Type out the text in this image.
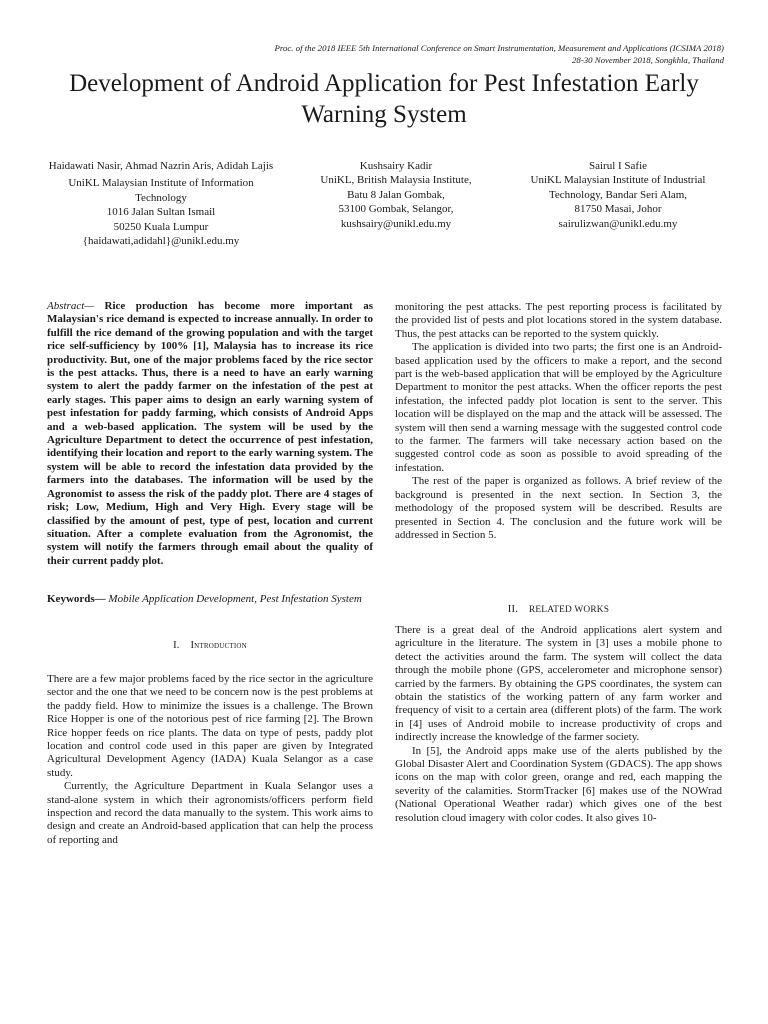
Proc. of the 2018 IEEE 5th International Conference on Smart Instrumentation, Measurement and Applications (ICSIMA 2018)
28-30 November 2018, Songkhla, Thailand
Development of Android Application for Pest Infestation Early Warning System
Haidawati Nasir, Ahmad Nazrin Aris, Adidah Lajis
UniKL Malaysian Institute of Information Technology
1016 Jalan Sultan Ismail
50250 Kuala Lumpur
{haidawati,adidahl}@unikl.edu.my
Kushsairy Kadir
UniKL, British Malaysia Institute,
Batu 8 Jalan Gombak,
53100 Gombak, Selangor,
kushsairy@unikl.edu.my
Sairul I Safie
UniKL Malaysian Institute of Industrial Technology, Bandar Seri Alam,
81750 Masai, Johor
sairulizwan@unikl.edu.my

Abstract— Rice production has become more important as Malaysian's rice demand is expected to increase annually. In order to fulfill the rice demand of the growing population and with the target rice self-sufficiency by 100% [1], Malaysia has to increase its rice productivity. But, one of the major problems faced by the rice sector is the pest attacks. Thus, there is a need to have an early warning system to alert the paddy farmer on the infestation of the pest at early stages. This paper aims to design an early warning system of pest infestation for paddy farming, which consists of Android Apps and a web-based application. The system will be used by the Agriculture Department to detect the occurrence of pest infestation, identifying their location and report to the early warning system. The system will be able to record the infestation data provided by the farmers into the databases. The information will be used by the Agronomist to assess the risk of the paddy plot. There are 4 stages of risk; Low, Medium, High and Very High. Every stage will be classified by the amount of pest, type of pest, location and current situation. After a complete evaluation from the Agronomist, the system will notify the farmers through email about the quality of their current paddy plot.

Keywords— Mobile Application Development, Pest Infestation System

I.  Introduction

There are a few major problems faced by the rice sector in the agriculture sector and the one that we need to be concern now is the pest problems at the paddy field. How to minimize the issues is a challenge. The Brown Rice Hopper is one of the notorious pest of rice farming [2]. The Brown Rice hopper feeds on rice plants. The data on type of pests, paddy plot location and control code used in this paper are given by Integrated Agricultural Development Agency (IADA) Kuala Selangor as a case study.

Currently, the Agriculture Department in Kuala Selangor uses a stand-alone system in which their agronomists/officers perform field inspection and record the data manually to the system. This work aims to design and create an Android-based application that can help the process of reporting and

monitoring the pest attacks. The pest reporting process is facilitated by the provided list of pests and plot locations stored in the system database. Thus, the pest attacks can be reported to the system quickly.

The application is divided into two parts; the first one is an Android-based application used by the officers to make a report, and the second part is the web-based application that will be employed by the Agriculture Department to monitor the pest attacks. When the officer reports the pest infestation, the infected paddy plot location is sent to the server. This location will be displayed on the map and the attack will be assessed. The system will then send a warning message with the suggested control code to the farmer. The farmers will take necessary action based on the suggested control code as soon as possible to avoid spreading of the infestation.

The rest of the paper is organized as follows. A brief review of the background is presented in the next section. In Section 3, the methodology of the proposed system will be described. Results are presented in Section 4. The conclusion and the future work will be addressed in Section 5.

II.  RELATED WORKS

There is a great deal of the Android applications alert system and agriculture in the literature. The system in [3] uses a mobile phone to detect the activities around the farm. The system will collect the data through the mobile phone (GPS, accelerometer and microphone sensor) carried by the farmers. By obtaining the GPS coordinates, the system can obtain the statistics of the working pattern of any farm worker and frequency of visit to a certain area (different plots) of the farm. The work in [4] uses of Android mobile to increase productivity of crops and indirectly increase the knowledge of the farmer society.

In [5], the Android apps make use of the alerts published by the Global Disaster Alert and Coordination System (GDACS). The app shows icons on the map with color green, orange and red, each mapping the severity of the calamities. StormTracker [6] makes use of the NOWrad (National Operational Weather radar) which gives one of the best resolution cloud imagery with color codes. It also gives 10-
